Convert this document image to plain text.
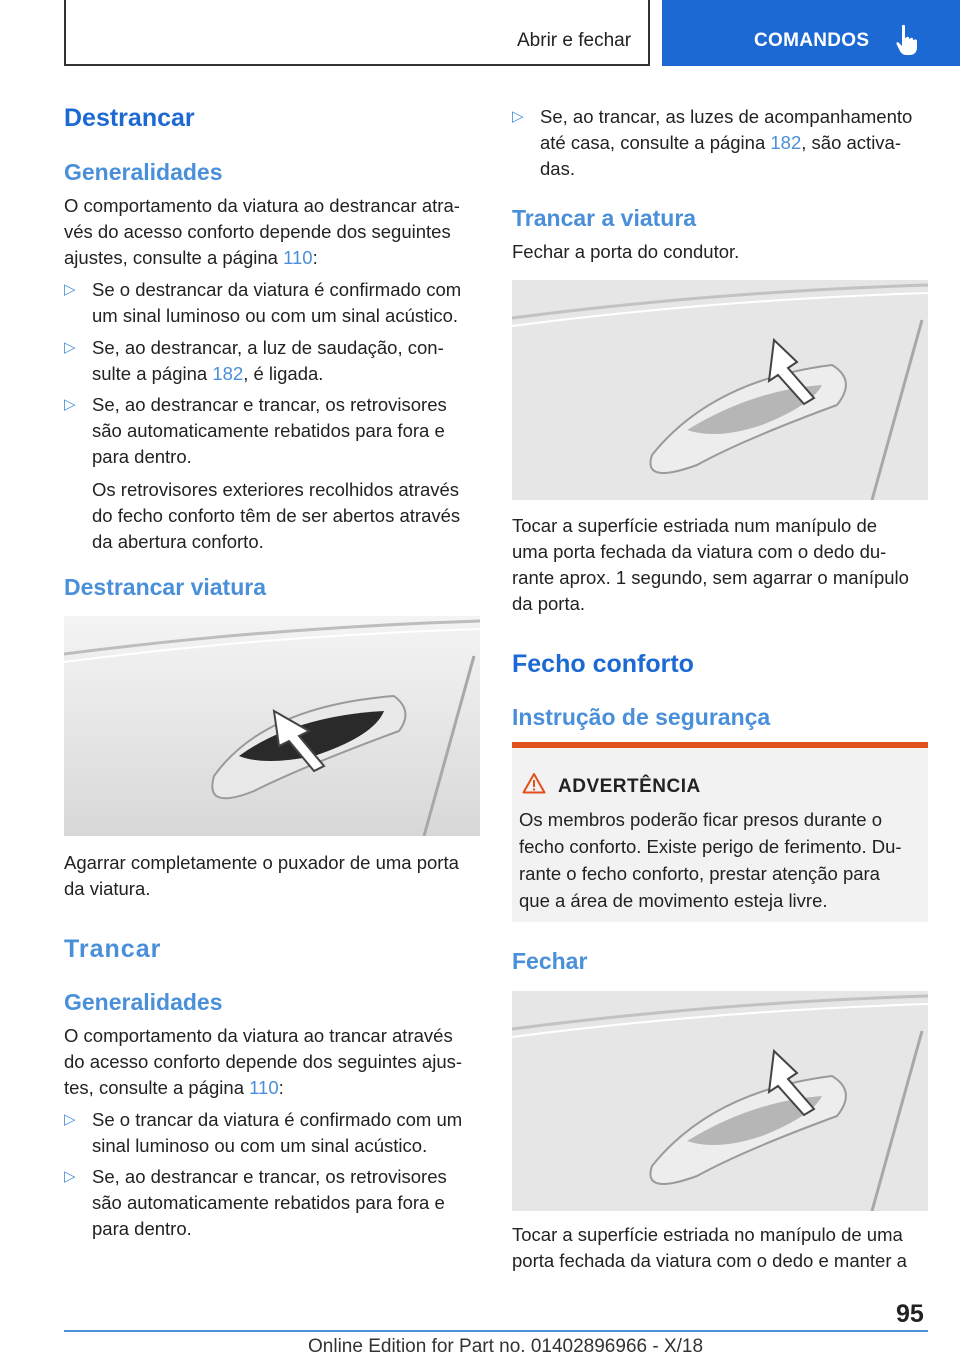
Abrir e fechar	COMANDOS
Destrancar
Generalidades
O comportamento da viatura ao destrancar atra-
vés do acesso conforto depende dos seguintes
ajustes, consulte a página 110:
▷ Se o destrancar da viatura é confirmado com
um sinal luminoso ou com um sinal acústico.
▷ Se, ao destrancar, a luz de saudação, con-
sulte a página 182, é ligada.
▷ Se, ao destrancar e trancar, os retrovisores
são automaticamente rebatidos para fora e
para dentro.
Os retrovisores exteriores recolhidos através
do fecho conforto têm de ser abertos através
da abertura conforto.
Destrancar viatura
Agarrar completamente o puxador de uma porta
da viatura.
Trancar
Generalidades
O comportamento da viatura ao trancar através
do acesso conforto depende dos seguintes ajus-
tes, consulte a página 110:
▷ Se o trancar da viatura é confirmado com um
sinal luminoso ou com um sinal acústico.
▷ Se, ao destrancar e trancar, os retrovisores
são automaticamente rebatidos para fora e
para dentro.
▷ Se, ao trancar, as luzes de acompanhamento
até casa, consulte a página 182, são activa-
das.
Trancar a viatura
Fechar a porta do condutor.
Tocar a superfície estriada num manípulo de
uma porta fechada da viatura com o dedo du-
rante aprox. 1 segundo, sem agarrar o manípulo
da porta.
Fecho conforto
Instrução de segurança
Fechar
Tocar a superfície estriada no manípulo de uma
porta fechada da viatura com o dedo e manter a
ADVERTÊNCIA
Os membros poderão ficar presos durante o
fecho conforto. Existe perigo de ferimento. Du-
rante o fecho conforto, prestar atenção para
que a área de movimento esteja livre.
95
Online Edition for Part no. 01402896966 - X/18
